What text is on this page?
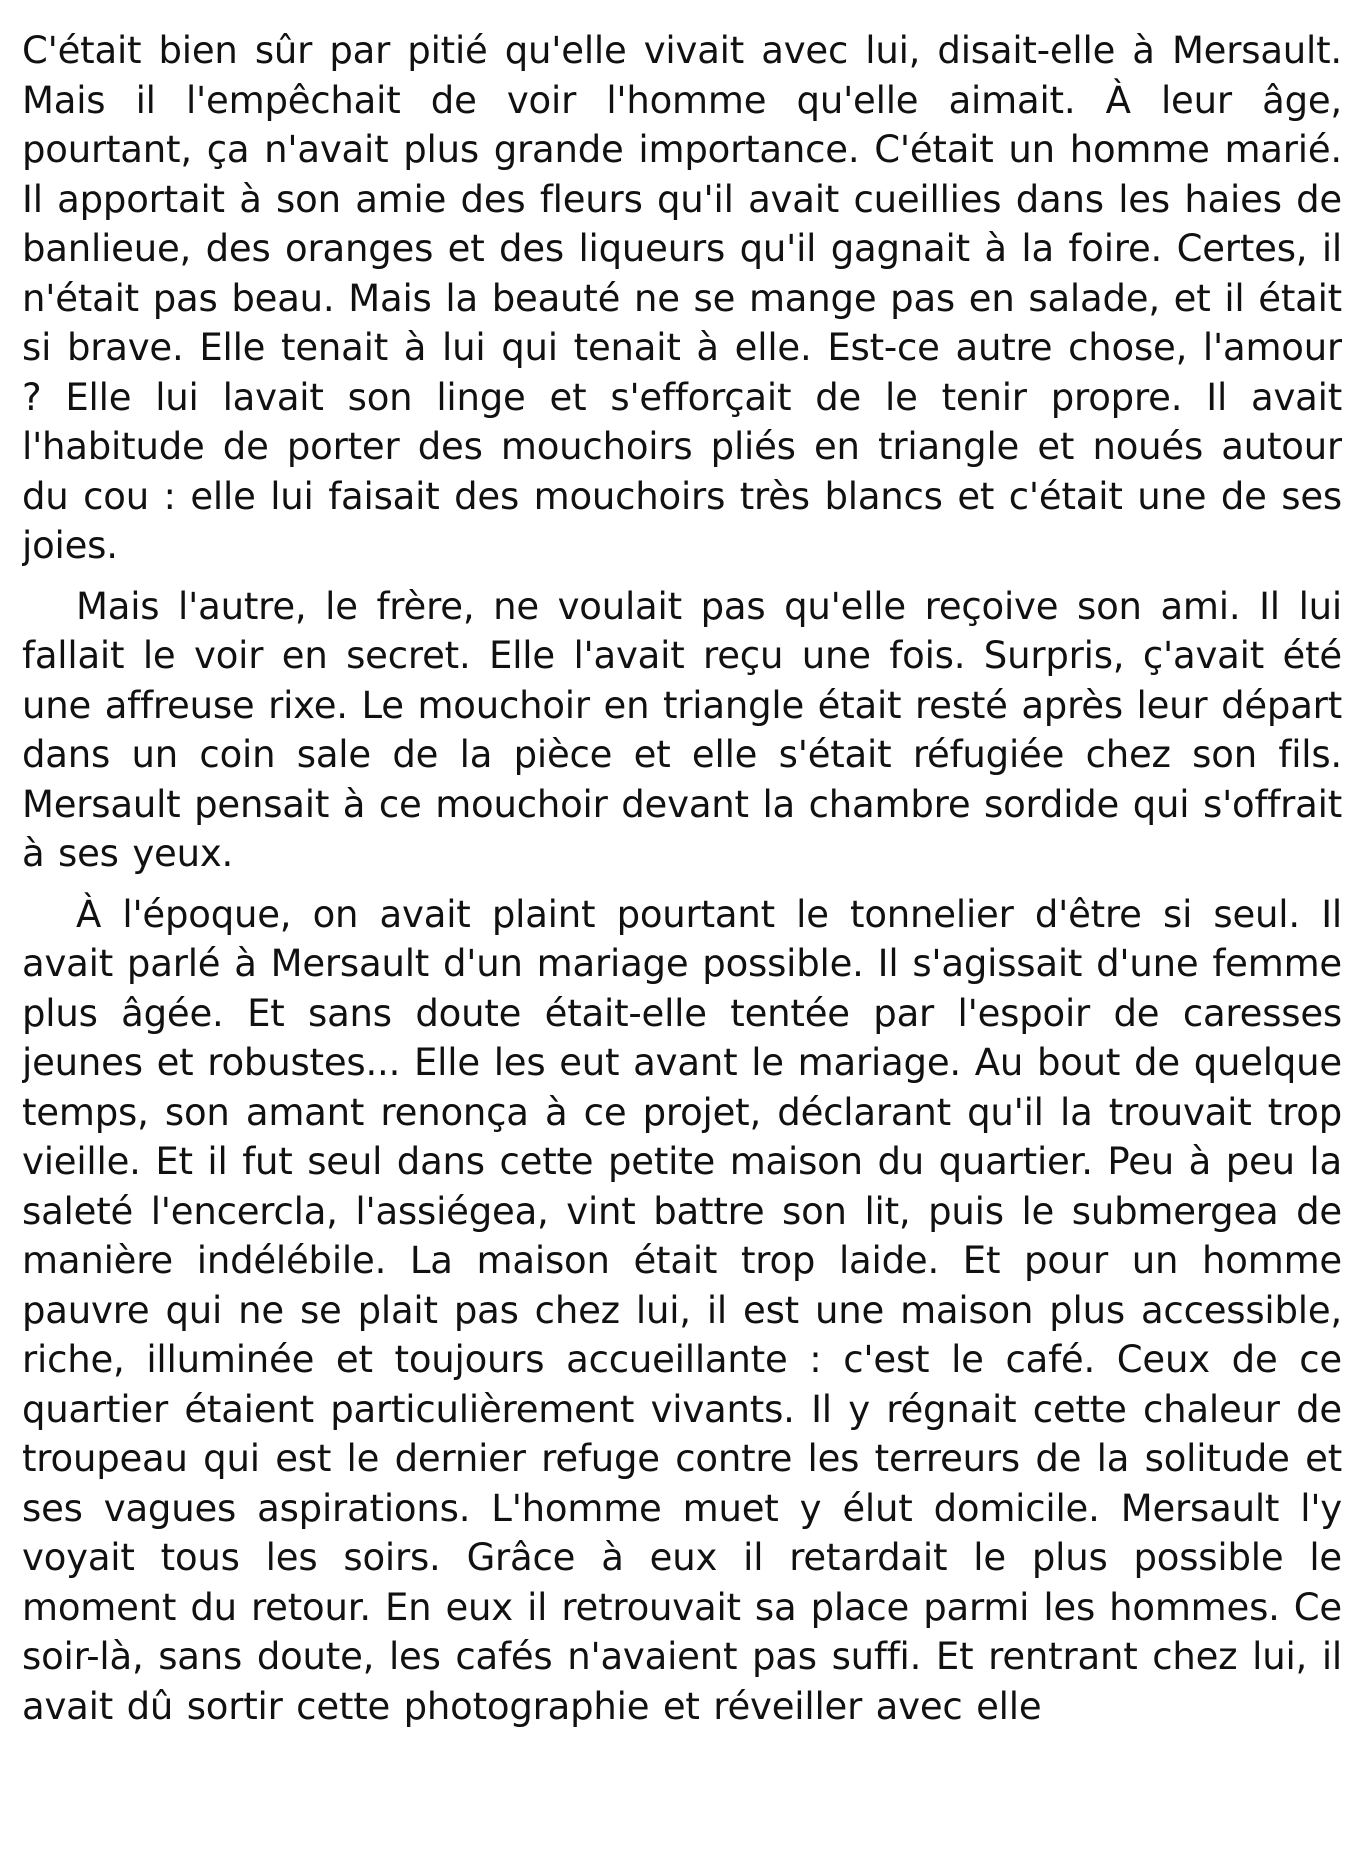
C'était bien sûr par pitié qu'elle vivait avec lui, disait-elle à Mersault. Mais il l'empêchait de voir l'homme qu'elle aimait. À leur âge, pourtant, ça n'avait plus grande importance. C'était un homme marié. Il apportait à son amie des fleurs qu'il avait cueillies dans les haies de banlieue, des oranges et des liqueurs qu'il gagnait à la foire. Certes, il n'était pas beau. Mais la beauté ne se mange pas en salade, et il était si brave. Elle tenait à lui qui tenait à elle. Est-ce autre chose, l'amour ? Elle lui lavait son linge et s'efforçait de le tenir propre. Il avait l'habitude de porter des mouchoirs pliés en triangle et noués autour du cou : elle lui faisait des mouchoirs très blancs et c'était une de ses joies.

Mais l'autre, le frère, ne voulait pas qu'elle reçoive son ami. Il lui fallait le voir en secret. Elle l'avait reçu une fois. Surpris, ç'avait été une affreuse rixe. Le mouchoir en triangle était resté après leur départ dans un coin sale de la pièce et elle s'était réfugiée chez son fils. Mersault pensait à ce mouchoir devant la chambre sordide qui s'offrait à ses yeux.

À l'époque, on avait plaint pourtant le tonnelier d'être si seul. Il avait parlé à Mersault d'un mariage possible. Il s'agissait d'une femme plus âgée. Et sans doute était-elle tentée par l'espoir de caresses jeunes et robustes... Elle les eut avant le mariage. Au bout de quelque temps, son amant renonça à ce projet, déclarant qu'il la trouvait trop vieille. Et il fut seul dans cette petite maison du quartier. Peu à peu la saleté l'encercla, l'assiégea, vint battre son lit, puis le submergea de manière indélébile. La maison était trop laide. Et pour un homme pauvre qui ne se plait pas chez lui, il est une maison plus accessible, riche, illuminée et toujours accueillante : c'est le café. Ceux de ce quartier étaient particulièrement vivants. Il y régnait cette chaleur de troupeau qui est le dernier refuge contre les terreurs de la solitude et ses vagues aspirations. L'homme muet y élut domicile. Mersault l'y voyait tous les soirs. Grâce à eux il retardait le plus possible le moment du retour. En eux il retrouvait sa place parmi les hommes. Ce soir-là, sans doute, les cafés n'avaient pas suffi. Et rentrant chez lui, il avait dû sortir cette photographie et réveiller avec elle
